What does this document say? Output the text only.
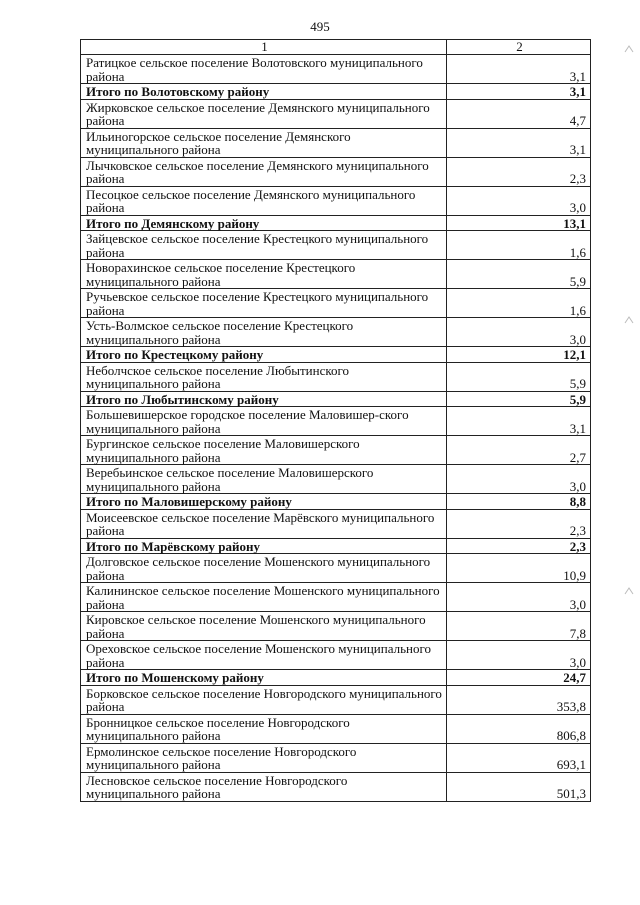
495
1	2
Ратицкое сельское поселение Волотовского муниципального района	3,1
Итого по Волотовскому району	3,1
Жирковское сельское поселение Демянского муниципального района	4,7
Ильиногорское сельское поселение Демянского муниципального района	3,1
Лычковское сельское поселение Демянского муниципального района	2,3
Песоцкое сельское поселение Демянского муниципального района	3,0
Итого по Демянскому району	13,1
Зайцевское сельское поселение Крестецкого муниципального района	1,6
Новорахинское сельское поселение Крестецкого муниципального района	5,9
Ручьевское сельское поселение Крестецкого муниципального района	1,6
Усть-Волмское сельское поселение Крестецкого муниципального района	3,0
Итого по Крестецкому району	12,1
Неболчское сельское поселение Любытинского муниципального района	5,9
Итого по Любытинскому району	5,9
Большевишерское городское поселение Маловишер-ского муниципального района	3,1
Бургинское сельское поселение Маловишерского муниципального района	2,7
Веребьинское сельское поселение Маловишерского муниципального района	3,0
Итого по Маловишерскому району	8,8
Моисеевское сельское поселение Марёвского муниципального района	2,3
Итого по Марёвскому району	2,3
Долговское сельское поселение Мошенского муниципального района	10,9
Калининское сельское поселение Мошенского муниципального района	3,0
Кировское сельское поселение Мошенского муниципального района	7,8
Ореховское сельское поселение Мошенского муниципального района	3,0
Итого по Мошенскому району	24,7
Борковское сельское поселение Новгородского муниципального района	353,8
Бронницкое сельское поселение Новгородского муниципального района	806,8
Ермолинское сельское поселение Новгородского муниципального района	693,1
Лесновское сельское поселение Новгородского муниципального района	501,3
